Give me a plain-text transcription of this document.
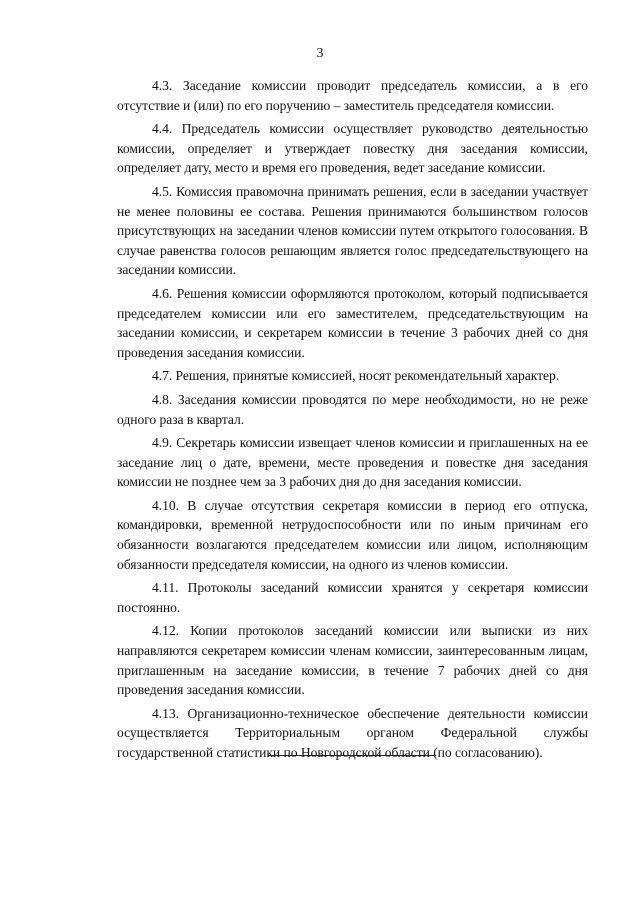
3

4.3. Заседание комиссии проводит председатель комиссии, а в его отсутствие и (или) по его поручению – заместитель председателя комиссии.

4.4. Председатель комиссии осуществляет руководство деятельностью комиссии, определяет и утверждает повестку дня заседания комиссии, определяет дату, место и время его проведения, ведет заседание комиссии.

4.5. Комиссия правомочна принимать решения, если в заседании участвует не менее половины ее состава. Решения принимаются большинством голосов присутствующих на заседании членов комиссии путем открытого голосования. В случае равенства голосов решающим является голос председательствующего на заседании комиссии.

4.6. Решения комиссии оформляются протоколом, который подписывается председателем комиссии или его заместителем, председательствующим на заседании комиссии, и секретарем комиссии в течение 3 рабочих дней со дня проведения заседания комиссии.

4.7. Решения, принятые комиссией, носят рекомендательный характер.

4.8. Заседания комиссии проводятся по мере необходимости, но не реже одного раза в квартал.

4.9. Секретарь комиссии извещает членов комиссии и приглашенных на ее заседание лиц о дате, времени, месте проведения и повестке дня заседания комиссии не позднее чем за 3 рабочих дня до дня заседания комиссии.

4.10. В случае отсутствия секретаря комиссии в период его отпуска, командировки, временной нетрудоспособности или по иным причинам его обязанности возлагаются председателем комиссии или лицом, исполняющим обязанности председателя комиссии, на одного из членов комиссии.

4.11. Протоколы заседаний комиссии хранятся у секретаря комиссии постоянно.

4.12. Копии протоколов заседаний комиссии или выписки из них направляются секретарем комиссии членам комиссии, заинтересованным лицам, приглашенным на заседание комиссии, в течение 7 рабочих дней со дня проведения заседания комиссии.

4.13. Организационно-техническое обеспечение деятельности комиссии осуществляется Территориальным органом Федеральной службы государственной статистики по Новгородской области (по согласованию).
